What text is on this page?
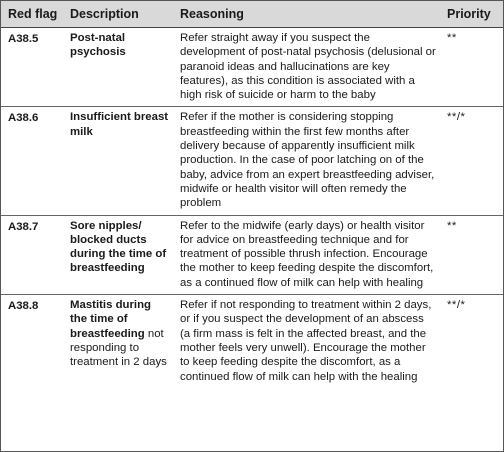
Red flag	Description	Reasoning	Priority
A38.5	Post-natal psychosis	Refer straight away if you suspect the development of post-natal psychosis (delusional or paranoid ideas and hallucinations are key features), as this condition is associated with a high risk of suicide or harm to the baby	**
A38.6	Insufficient breast milk	Refer if the mother is considering stopping breastfeeding within the first few months after delivery because of apparently insufficient milk production. In the case of poor latching on of the baby, advice from an expert breastfeeding adviser, midwife or health visitor will often remedy the problem	**/*
A38.7	Sore nipples/ blocked ducts during the time of breastfeeding	Refer to the midwife (early days) or health visitor for advice on breastfeeding technique and for treatment of possible thrush infection. Encourage the mother to keep feeding despite the discomfort, as a continued flow of milk can help with healing	**
A38.8	Mastitis during the time of breastfeeding not responding to treatment in 2 days	Refer if not responding to treatment within 2 days, or if you suspect the development of an abscess (a firm mass is felt in the affected breast, and the mother feels very unwell). Encourage the mother to keep feeding despite the discomfort, as a continued flow of milk can help with the healing	**/*
